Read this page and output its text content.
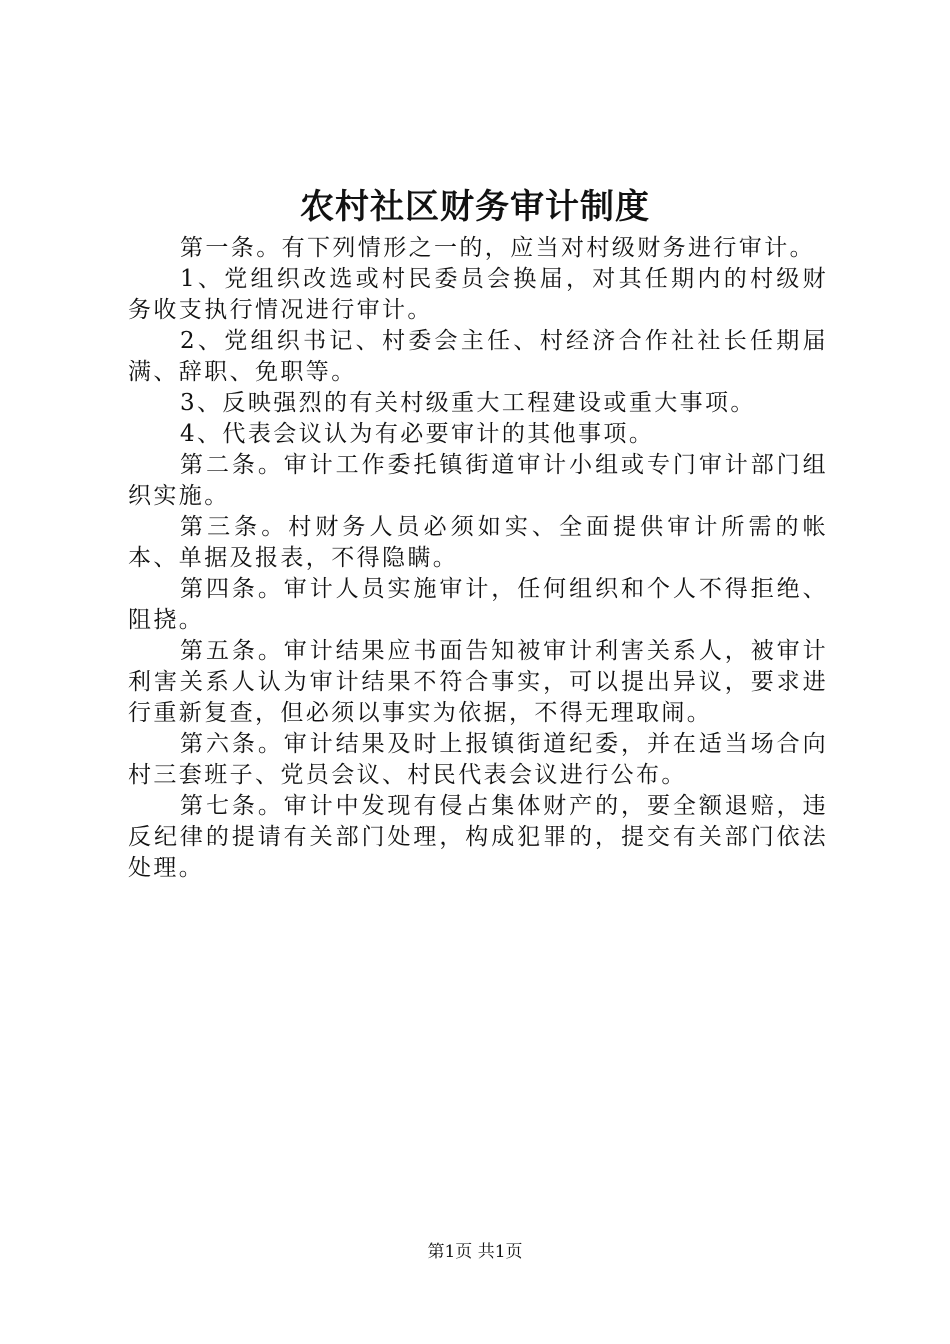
农村社区财务审计制度

第一条。有下列情形之一的，应当对村级财务进行审计。

1、党组织改选或村民委员会换届，对其任期内的村级财务收支执行情况进行审计。

2、党组织书记、村委会主任、村经济合作社社长任期届满、辞职、免职等。

3、反映强烈的有关村级重大工程建设或重大事项。

4、代表会议认为有必要审计的其他事项。

第二条。审计工作委托镇街道审计小组或专门审计部门组织实施。

第三条。村财务人员必须如实、全面提供审计所需的帐本、单据及报表，不得隐瞒。

第四条。审计人员实施审计，任何组织和个人不得拒绝、阻挠。

第五条。审计结果应书面告知被审计利害关系人，被审计利害关系人认为审计结果不符合事实，可以提出异议，要求进行重新复查，但必须以事实为依据，不得无理取闹。

第六条。审计结果及时上报镇街道纪委，并在适当场合向村三套班子、党员会议、村民代表会议进行公布。

第七条。审计中发现有侵占集体财产的，要全额退赔，违反纪律的提请有关部门处理，构成犯罪的，提交有关部门依法处理。

第1页 共1页
